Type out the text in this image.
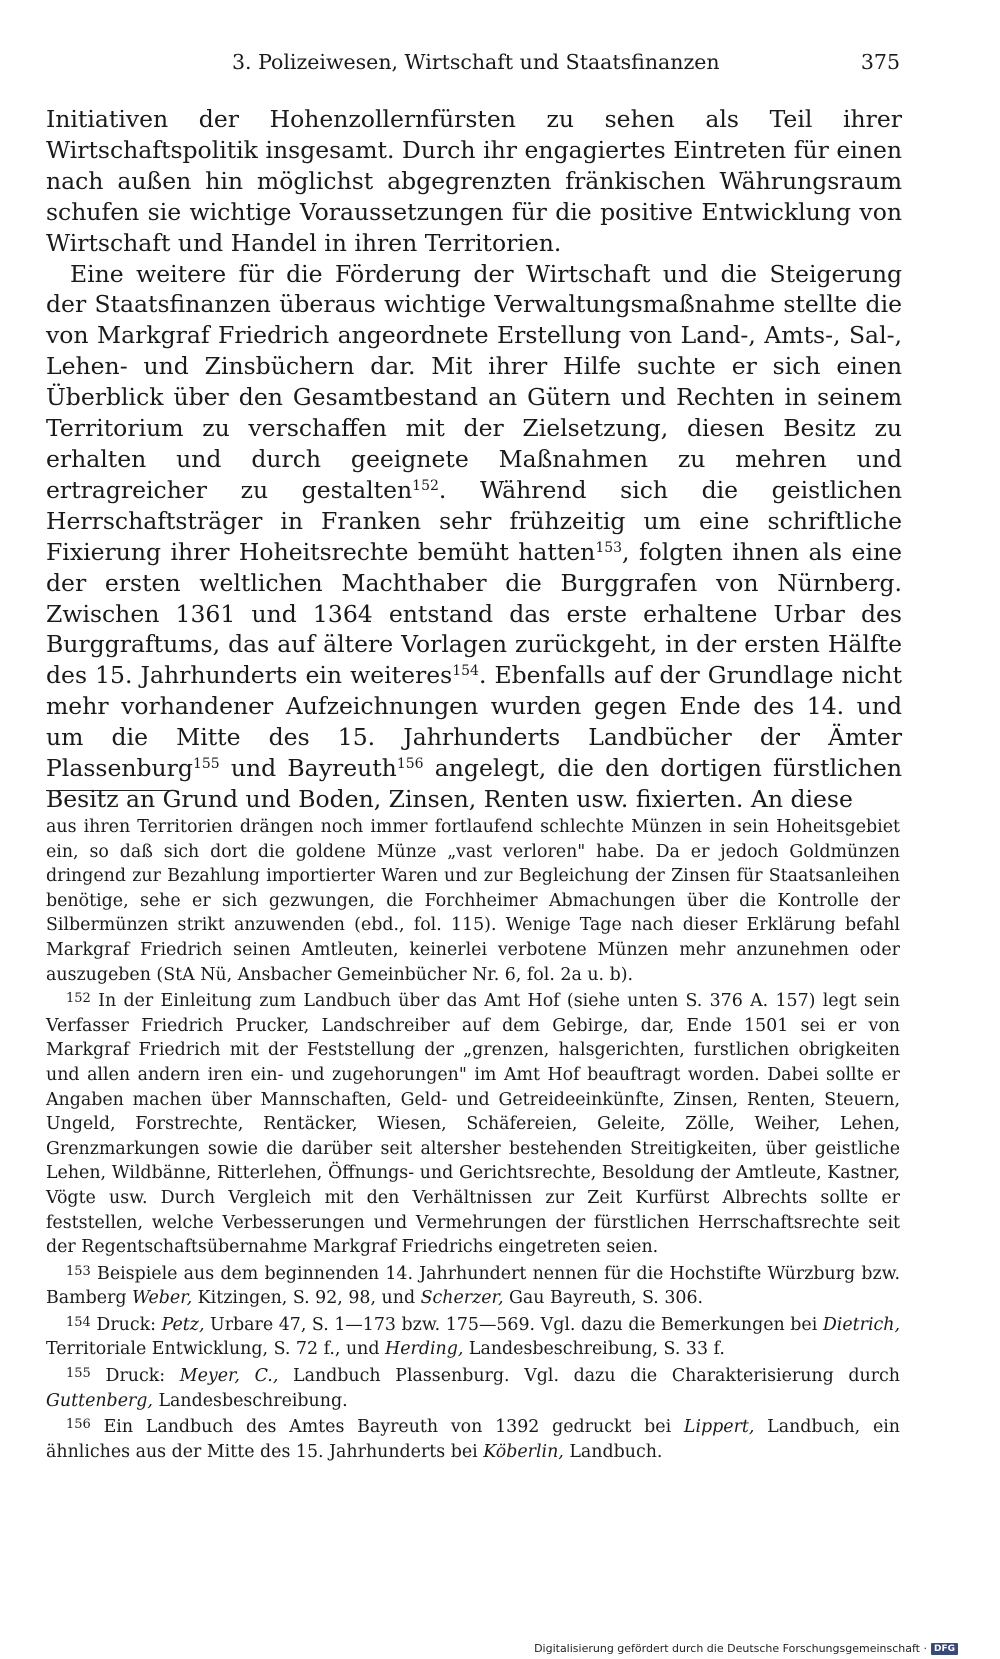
3. Polizeiwesen, Wirtschaft und Staatsfinanzen	375

Initiativen der Hohenzollernfürsten zu sehen als Teil ihrer Wirtschaftspolitik insgesamt. Durch ihr engagiertes Eintreten für einen nach außen hin möglichst abgegrenzten fränkischen Währungsraum schufen sie wichtige Voraussetzungen für die positive Entwicklung von Wirtschaft und Handel in ihren Territorien.

Eine weitere für die Förderung der Wirtschaft und die Steigerung der Staatsfinanzen überaus wichtige Verwaltungsmaßnahme stellte die von Markgraf Friedrich angeordnete Erstellung von Land-, Amts-, Sal-, Lehen- und Zinsbüchern dar. Mit ihrer Hilfe suchte er sich einen Überblick über den Gesamtbestand an Gütern und Rechten in seinem Territorium zu verschaffen mit der Zielsetzung, diesen Besitz zu erhalten und durch geeignete Maßnahmen zu mehren und ertragreicher zu gestalten$^{152}$. Während sich die geistlichen Herrschaftsträger in Franken sehr frühzeitig um eine schriftliche Fixierung ihrer Hoheitsrechte bemüht hatten$^{153}$, folgten ihnen als eine der ersten weltlichen Machthaber die Burggrafen von Nürnberg. Zwischen 1361 und 1364 entstand das erste erhaltene Urbar des Burggraftums, das auf ältere Vorlagen zurückgeht, in der ersten Hälfte des 15. Jahrhunderts ein weiteres$^{154}$. Ebenfalls auf der Grundlage nicht mehr vorhandener Aufzeichnungen wurden gegen Ende des 14. und um die Mitte des 15. Jahrhunderts Landbücher der Ämter Plassenburg$^{155}$ und Bayreuth$^{156}$ angelegt, die den dortigen fürstlichen Besitz an Grund und Boden, Zinsen, Renten usw. fixierten. An diese

aus ihren Territorien drängen noch immer fortlaufend schlechte Münzen in sein Hoheitsgebiet ein, so daß sich dort die goldene Münze „vast verloren" habe. Da er jedoch Goldmünzen dringend zur Bezahlung importierter Waren und zur Begleichung der Zinsen für Staatsanleihen benötige, sehe er sich gezwungen, die Forchheimer Abmachungen über die Kontrolle der Silbermünzen strikt anzuwenden (ebd., fol. 115). Wenige Tage nach dieser Erklärung befahl Markgraf Friedrich seinen Amtleuten, keinerlei verbotene Münzen mehr anzunehmen oder auszugeben (StA Nü, Ansbacher Gemeinbücher Nr. 6, fol. 2a u. b).

$^{152}$ In der Einleitung zum Landbuch über das Amt Hof (siehe unten S. 376 A. 157) legt sein Verfasser Friedrich Prucker, Landschreiber auf dem Gebirge, dar, Ende 1501 sei er von Markgraf Friedrich mit der Feststellung der „grenzen, halsgerichten, furstlichen obrigkeiten und allen andern iren ein- und zugehorungen" im Amt Hof beauftragt worden. Dabei sollte er Angaben machen über Mannschaften, Geld- und Getreideeinkünfte, Zinsen, Renten, Steuern, Ungeld, Forstrechte, Rentäcker, Wiesen, Schäfereien, Geleite, Zölle, Weiher, Lehen, Grenzmarkungen sowie die darüber seit altersher bestehenden Streitigkeiten, über geistliche Lehen, Wildbänne, Ritterlehen, Öffnungs- und Gerichtsrechte, Besoldung der Amtleute, Kastner, Vögte usw. Durch Vergleich mit den Verhältnissen zur Zeit Kurfürst Albrechts sollte er feststellen, welche Verbesserungen und Vermehrungen der fürstlichen Herrschaftsrechte seit der Regentschaftsübernahme Markgraf Friedrichs eingetreten seien.

$^{153}$ Beispiele aus dem beginnenden 14. Jahrhundert nennen für die Hochstifte Würzburg bzw. Bamberg Weber, Kitzingen, S. 92, 98, und Scherzer, Gau Bayreuth, S. 306.

$^{154}$ Druck: Petz, Urbare 47, S. 1—173 bzw. 175—569. Vgl. dazu die Bemerkungen bei Dietrich, Territoriale Entwicklung, S. 72 f., und Herding, Landesbeschreibung, S. 33 f.

$^{155}$ Druck: Meyer, C., Landbuch Plassenburg. Vgl. dazu die Charakterisierung durch Guttenberg, Landesbeschreibung.

$^{156}$ Ein Landbuch des Amtes Bayreuth von 1392 gedruckt bei Lippert, Landbuch, ein ähnliches aus der Mitte des 15. Jahrhunderts bei Köberlin, Landbuch.

Digitalisierung gefördert durch die Deutsche Forschungsgemeinschaft · DFG
